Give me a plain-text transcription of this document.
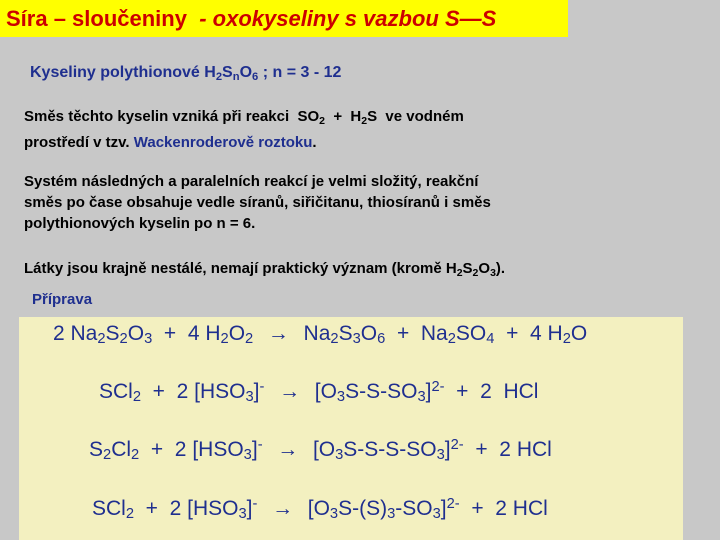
Síra – sloučeniny - oxokyseliny s vazbou S—S
Kyseliny polythionové $H_2S_nO_6$ ; n = 3 - 12
Směs těchto kyselin vzniká při reakci  $SO_2 + H_2S$  ve vodném
prostředí v tzv. Wackenroderově roztoku.
Systém následných a paralelních reakcí je velmi složitý, reakční
směs po čase obsahuje vedle síranů, siřičitanu, thiosíranů i směs
polythionových kyselin po n = 6.
Látky jsou krajně nestálé, nemají praktický význam (kromě $H_2S_2O_3$).
Příprava
2 $Na_2S_2O_3 + 4$ $H_2O_2 \to Na_2S_3O_6 + Na_2SO_4 + 4$ $H_2O$
SCl$_2$  +  2 $[HSO_3]^- \to [O_3S-S-SO_3]^{2-} + 2$  HCl
$S_2Cl_2 + 2$ $[HSO_3]^- \to [O_3S-S-S-SO_3]^{2-} + 2$ HCl
SCl$_2$  +  2 $[HSO_3]^- \to [O_3S-(S)_3-SO_3]^{2-} + 2$ HCl
